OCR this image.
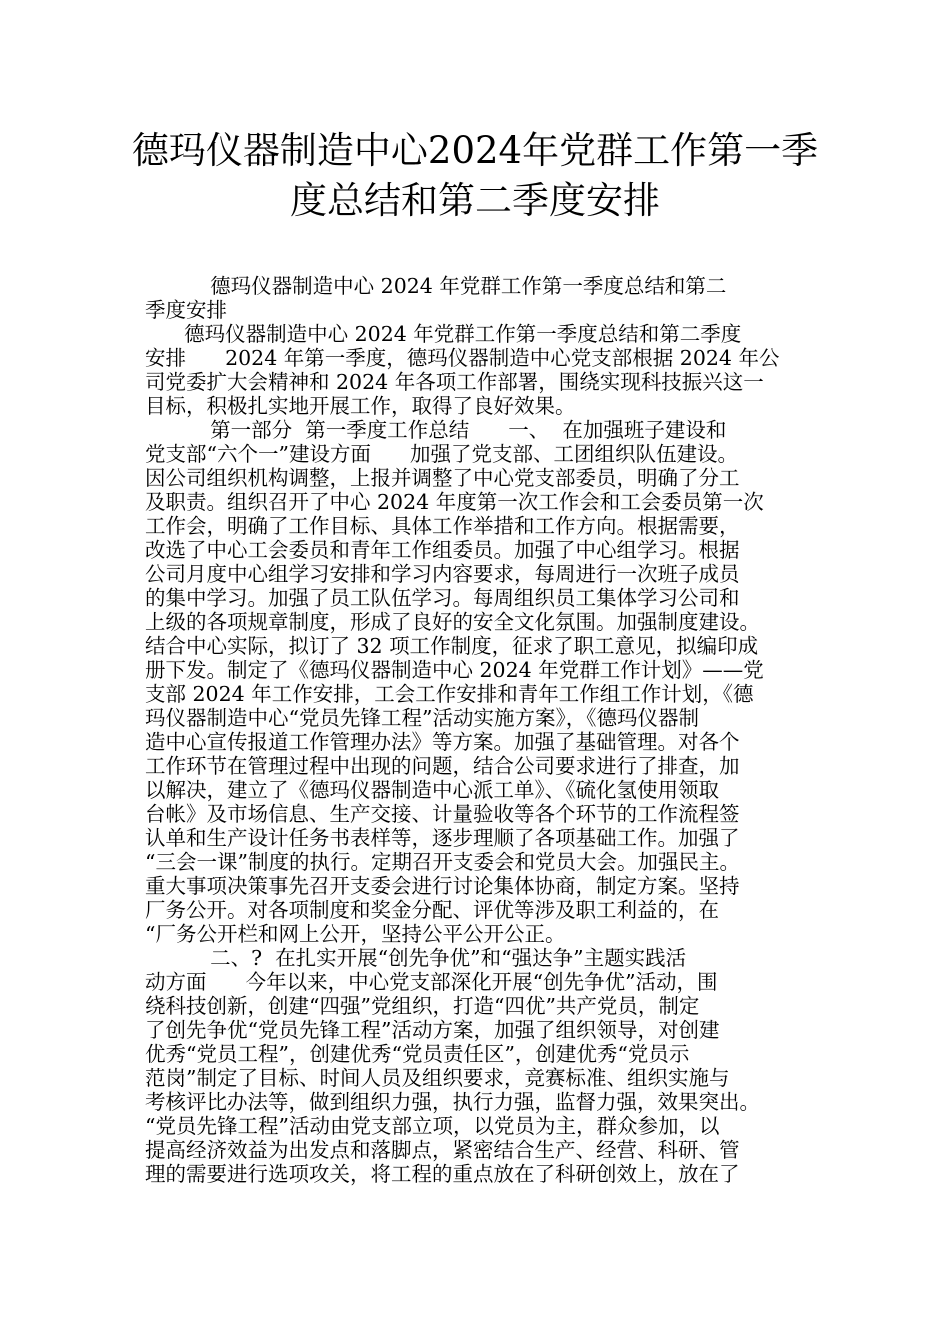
德玛仪器制造中心2024年党群工作第一季
度总结和第二季度安排
德玛仪器制造中心 2024 年党群工作第一季度总结和第二
季度安排
德玛仪器制造中心 2024 年党群工作第一季度总结和第二季度
安排      2024 年第一季度，德玛仪器制造中心党支部根据 2024 年公
司党委扩大会精神和 2024 年各项工作部署，围绕实现科技振兴这一
目标，积极扎实地开展工作，取得了良好效果。
第一部分  第一季度工作总结      一、  在加强班子建设和
党支部“六个一”建设方面      加强了党支部、工团组织队伍建设。
因公司组织机构调整，上报并调整了中心党支部委员，明确了分工
及职责。组织召开了中心 2024 年度第一次工作会和工会委员第一次
工作会，明确了工作目标、具体工作举措和工作方向。根据需要，
改选了中心工会委员和青年工作组委员。加强了中心组学习。根据
公司月度中心组学习安排和学习内容要求，每周进行一次班子成员
的集中学习。加强了员工队伍学习。每周组织员工集体学习公司和
上级的各项规章制度，形成了良好的安全文化氛围。加强制度建设。
结合中心实际，拟订了 32 项工作制度，征求了职工意见，拟编印成
册下发。制定了《德玛仪器制造中心 2024 年党群工作计划》——党
支部 2024 年工作安排，工会工作安排和青年工作组工作计划，《德
玛仪器制造中心“党员先锋工程”活动实施方案》，《德玛仪器制
造中心宣传报道工作管理办法》等方案。加强了基础管理。对各个
工作环节在管理过程中出现的问题，结合公司要求进行了排查，加
以解决，建立了《德玛仪器制造中心派工单》、《硫化氢使用领取
台帐》及市场信息、生产交接、计量验收等各个环节的工作流程签
认单和生产设计任务书表样等，逐步理顺了各项基础工作。加强了
“三会一课”制度的执行。定期召开支委会和党员大会。加强民主。
重大事项决策事先召开支委会进行讨论集体协商，制定方案。坚持
厂务公开。对各项制度和奖金分配、评优等涉及职工利益的，在
“厂务公开栏和网上公开，坚持公平公开公正。
二、?  在扎实开展“创先争优”和“强达争”主题实践活
动方面      今年以来，中心党支部深化开展“创先争优”活动，围
绕科技创新，创建“四强”党组织，打造“四优”共产党员，制定
了创先争优“党员先锋工程”活动方案，加强了组织领导，对创建
优秀“党员工程”，创建优秀“党员责任区”，创建优秀“党员示
范岗”制定了目标、时间人员及组织要求，竞赛标准、组织实施与
考核评比办法等，做到组织力强，执行力强，监督力强，效果突出。
“党员先锋工程”活动由党支部立项，以党员为主，群众参加，以
提高经济效益为出发点和落脚点，紧密结合生产、经营、科研、管
理的需要进行选项攻关，将工程的重点放在了科研创效上，放在了
